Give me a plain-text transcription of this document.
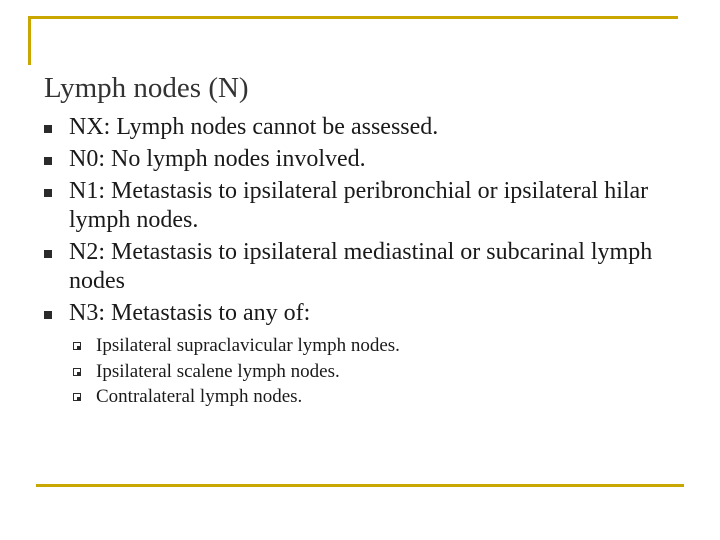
Lymph nodes (N)
NX: Lymph nodes cannot be assessed.
N0: No lymph nodes involved.
N1: Metastasis to ipsilateral peribronchial or ipsilateral hilar lymph nodes.
N2: Metastasis to ipsilateral mediastinal or subcarinal lymph nodes
N3: Metastasis to any of:
Ipsilateral supraclavicular lymph nodes.
Ipsilateral scalene lymph nodes.
Contralateral lymph nodes.
